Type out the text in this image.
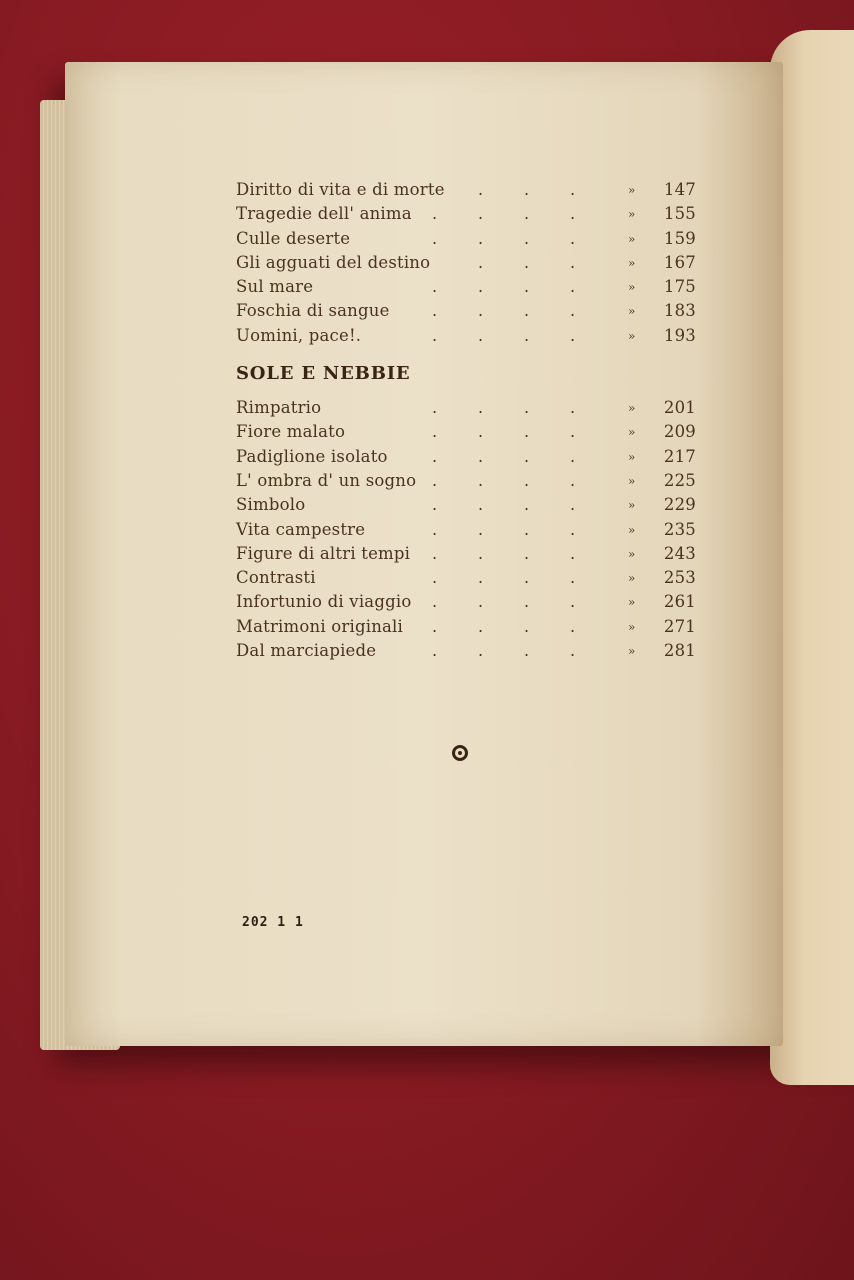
Diritto di vita e di morte .	.	.	»	147
Tragedie dell' anima .	.	.	.	»	155
Culle deserte	.	.	.	.	»	159
Gli agguati del destino	.	.	.	»	167
Sul mare	.	.	.	.	»	175
Foschia di sangue	.	.	.	.	»	183
Uomini, pace!.	.	.	.	.	»	193
SOLE E NEBBIE
Rimpatrio	.	.	.	.	»	201
Fiore malato	.	.	.	.	»	209
Padiglione isolato	.	.	.	.	»	217
L' ombra d' un sogno .	.	.	.	»	225
Simbolo	.	.	.	.	»	229
Vita campestre	.	.	.	.	»	235
Figure di altri tempi .	.	.	.	»	243
Contrasti	.	.	.	.	»	253
Infortunio di viaggio .	.	.	.	»	261
Matrimoni originali .	.	.	.	»	271
Dal marciapiede	.	.	.	.	»	281
202 1 1
